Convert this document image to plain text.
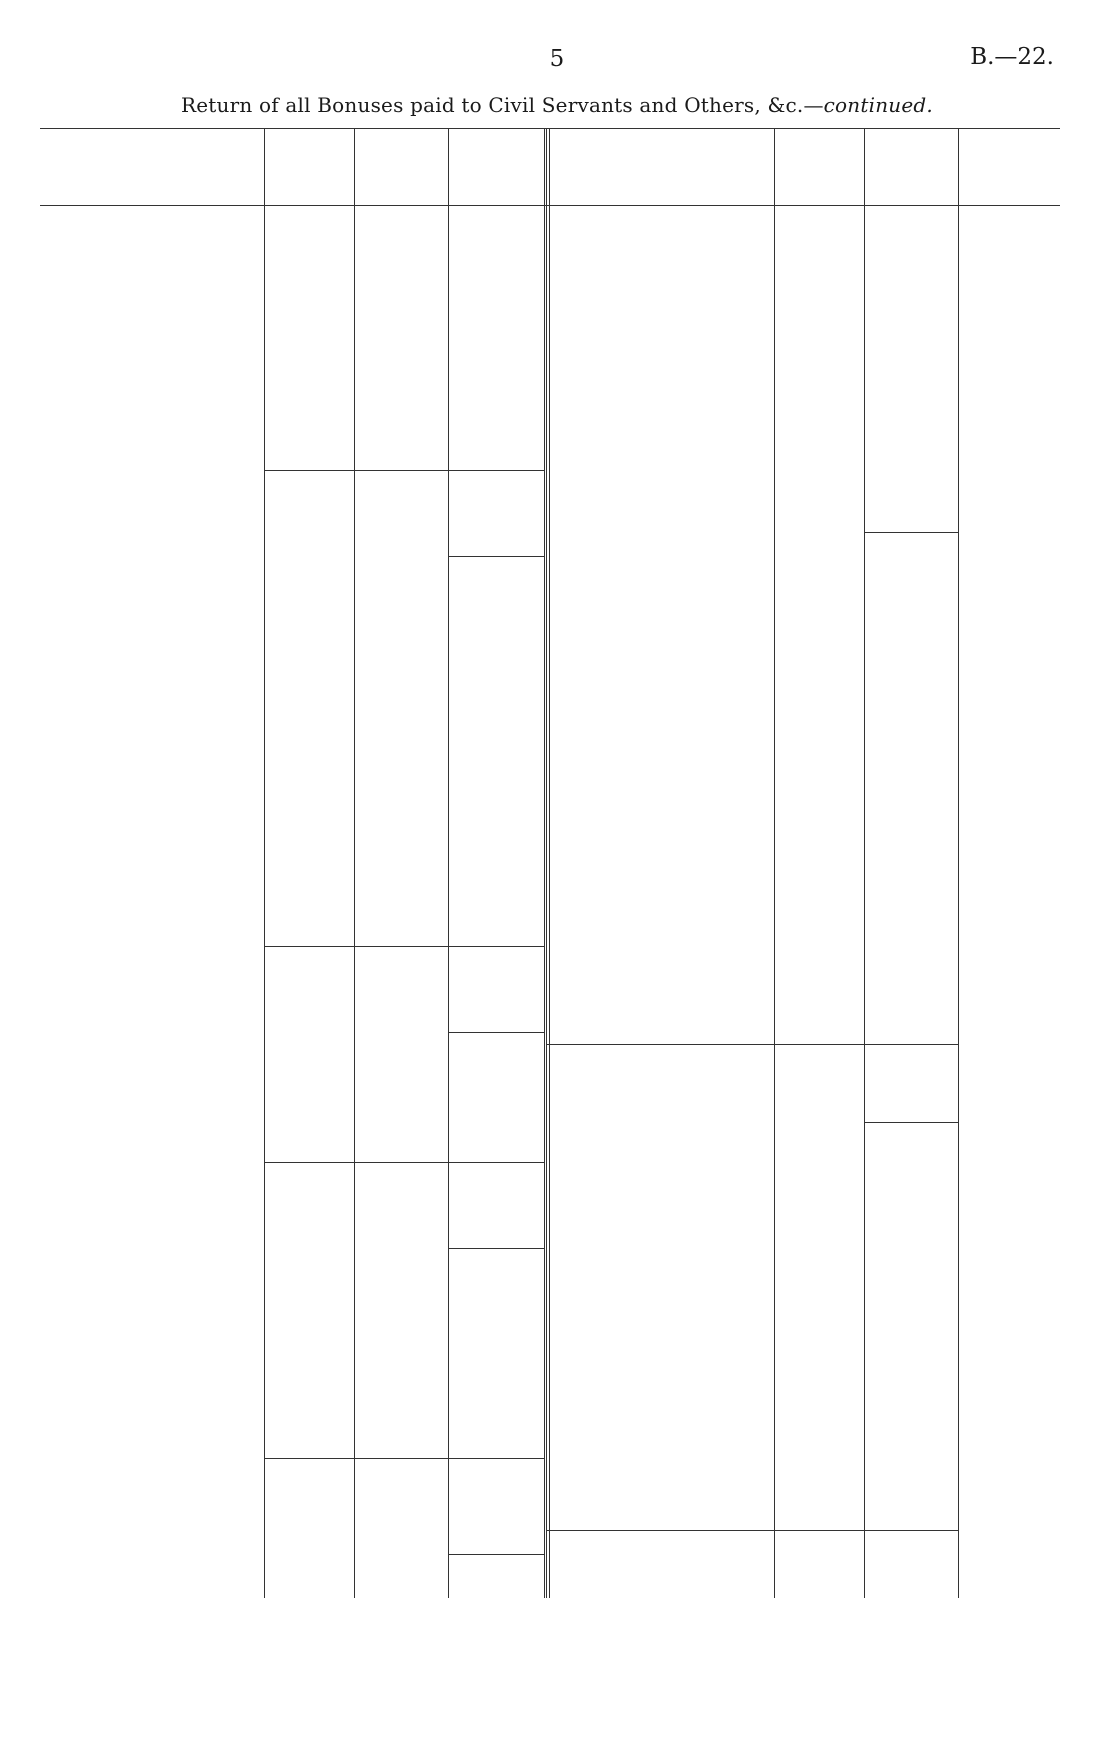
5	B.—22.
Return of all Bonuses paid to Civil Servants and Others, &c.—continued.
